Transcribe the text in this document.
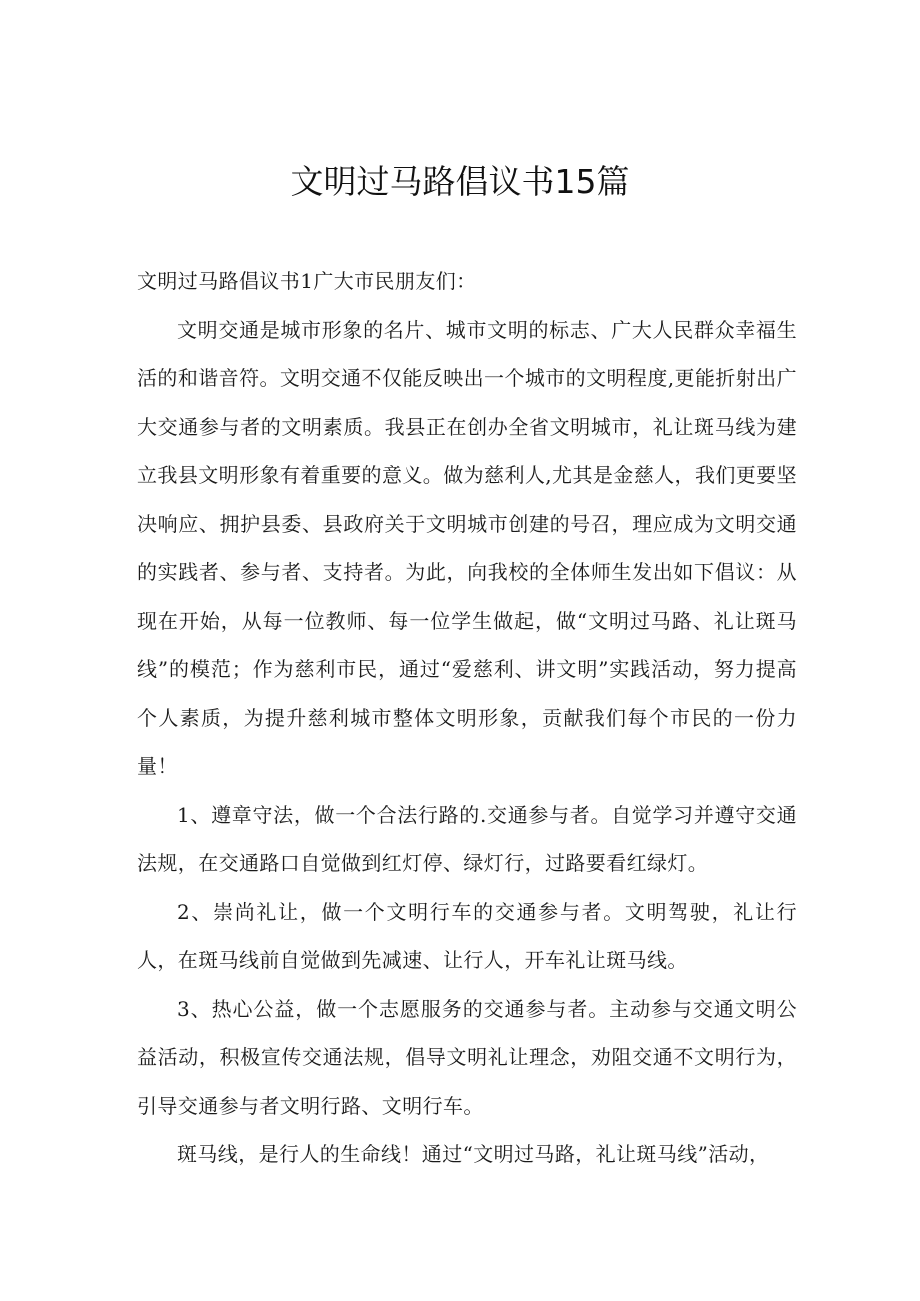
文明过马路倡议书15篇

文明过马路倡议书1广大市民朋友们：

文明交通是城市形象的名片、城市文明的标志、广大人民群众幸福生活的和谐音符。文明交通不仅能反映出一个城市的文明程度,更能折射出广大交通参与者的文明素质。我县正在创办全省文明城市，礼让斑马线为建立我县文明形象有着重要的意义。做为慈利人,尤其是金慈人，我们更要坚决响应、拥护县委、县政府关于文明城市创建的号召，理应成为文明交通的实践者、参与者、支持者。为此，向我校的全体师生发出如下倡议：从现在开始，从每一位教师、每一位学生做起，做“文明过马路、礼让斑马线”的模范；作为慈利市民，通过“爱慈利、讲文明”实践活动，努力提高个人素质，为提升慈利城市整体文明形象，贡献我们每个市民的一份力量！

1、遵章守法，做一个合法行路的.交通参与者。自觉学习并遵守交通法规，在交通路口自觉做到红灯停、绿灯行，过路要看红绿灯。

2、崇尚礼让，做一个文明行车的交通参与者。文明驾驶，礼让行人，在斑马线前自觉做到先减速、让行人，开车礼让斑马线。

3、热心公益，做一个志愿服务的交通参与者。主动参与交通文明公益活动，积极宣传交通法规，倡导文明礼让理念，劝阻交通不文明行为，引导交通参与者文明行路、文明行车。

斑马线，是行人的生命线！通过“文明过马路，礼让斑马线”活动，
